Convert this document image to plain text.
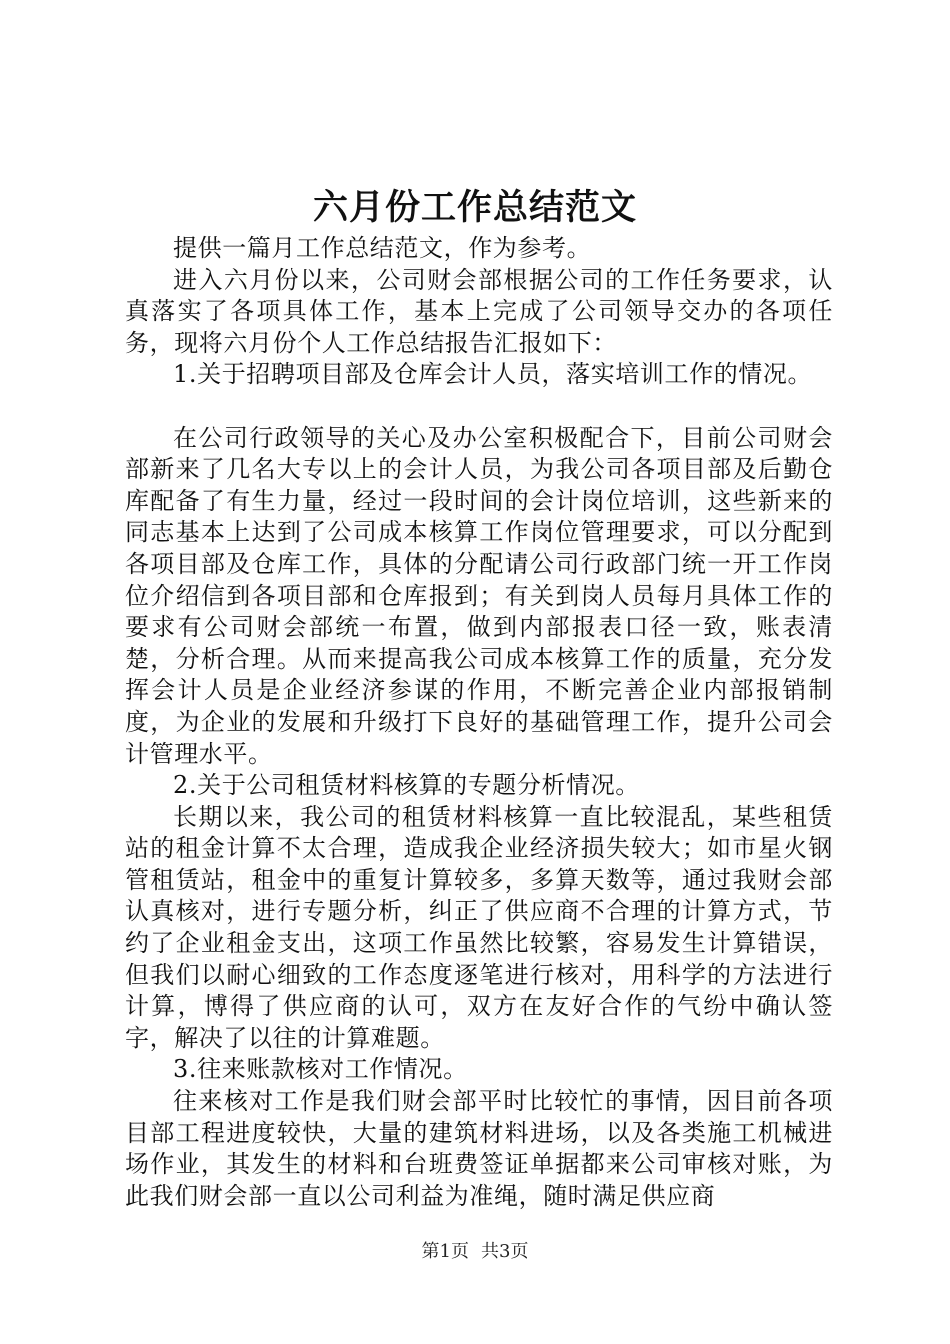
六月份工作总结范文

提供一篇月工作总结范文，作为参考。

进入六月份以来，公司财会部根据公司的工作任务要求，认真落实了各项具体工作，基本上完成了公司领导交办的各项任务，现将六月份个人工作总结报告汇报如下：

1.关于招聘项目部及仓库会计人员，落实培训工作的情况。

在公司行政领导的关心及办公室积极配合下，目前公司财会部新来了几名大专以上的会计人员，为我公司各项目部及后勤仓库配备了有生力量，经过一段时间的会计岗位培训，这些新来的同志基本上达到了公司成本核算工作岗位管理要求，可以分配到各项目部及仓库工作，具体的分配请公司行政部门统一开工作岗位介绍信到各项目部和仓库报到；有关到岗人员每月具体工作的要求有公司财会部统一布置，做到内部报表口径一致，账表清楚，分析合理。从而来提高我公司成本核算工作的质量，充分发挥会计人员是企业经济参谋的作用，不断完善企业内部报销制度，为企业的发展和升级打下良好的基础管理工作，提升公司会计管理水平。

2.关于公司租赁材料核算的专题分析情况。

长期以来，我公司的租赁材料核算一直比较混乱，某些租赁站的租金计算不太合理，造成我企业经济损失较大；如市星火钢管租赁站，租金中的重复计算较多，多算天数等，通过我财会部认真核对，进行专题分析，纠正了供应商不合理的计算方式，节约了企业租金支出，这项工作虽然比较繁，容易发生计算错误，但我们以耐心细致的工作态度逐笔进行核对，用科学的方法进行计算，博得了供应商的认可，双方在友好合作的气纷中确认签字，解决了以往的计算难题。

3.往来账款核对工作情况。

往来核对工作是我们财会部平时比较忙的事情，因目前各项目部工程进度较快，大量的建筑材料进场，以及各类施工机械进场作业，其发生的材料和台班费签证单据都来公司审核对账，为此我们财会部一直以公司利益为准绳，随时满足供应商

第1页 共3页
